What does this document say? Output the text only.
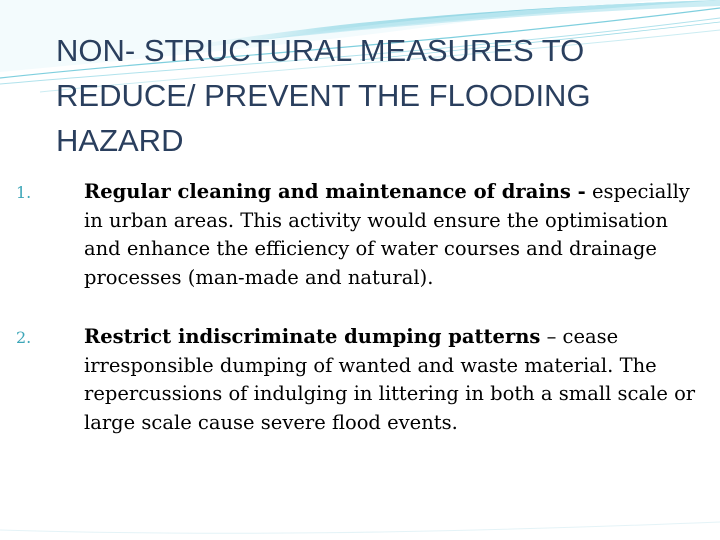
NON- STRUCTURAL MEASURES TO REDUCE/ PREVENT THE FLOODING HAZARD
1.	Regular cleaning and maintenance of drains - especially in urban areas. This activity would ensure the optimisation and enhance the efficiency of water courses and drainage processes (man-made and natural).
2.	Restrict indiscriminate dumping patterns – cease irresponsible dumping of wanted and waste material. The repercussions of indulging in littering in both a small scale or large scale cause severe flood events.
